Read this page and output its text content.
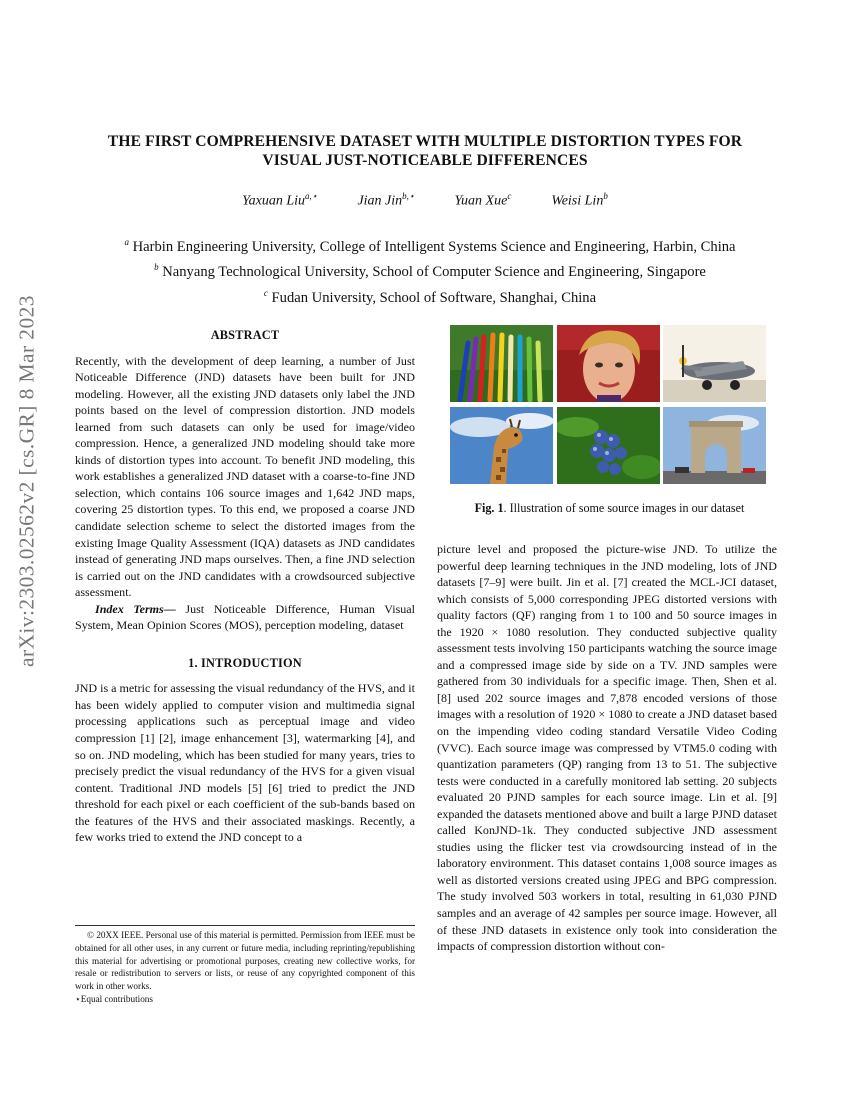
arXiv:2303.02562v2 [cs.GR] 8 Mar 2023
THE FIRST COMPREHENSIVE DATASET WITH MULTIPLE DISTORTION TYPES FOR
VISUAL JUST-NOTICEABLE DIFFERENCES
Yaxuan Liu$^{a,⋆}$	Jian Jin$^{b,⋆}$	Yuan Xue$^c$	Weisi Lin$^b$
$^a$ Harbin Engineering University, College of Intelligent Systems Science and Engineering, Harbin, China
$^b$ Nanyang Technological University, School of Computer Science and Engineering, Singapore
$^c$ Fudan University, School of Software, Shanghai, China
ABSTRACT

Recently, with the development of deep learning, a number of Just Noticeable Difference (JND) datasets have been built for JND modeling. However, all the existing JND datasets only label the JND points based on the level of compression distortion. JND models learned from such datasets can only be used for image/video compression. Hence, a generalized JND modeling should take more kinds of distortion types into account. To benefit JND modeling, this work establishes a generalized JND dataset with a coarse-to-fine JND selection, which contains 106 source images and 1,642 JND maps, covering 25 distortion types. To this end, we proposed a coarse JND candidate selection scheme to select the distorted images from the existing Image Quality Assessment (IQA) datasets as JND candidates instead of generating JND maps ourselves. Then, a fine JND selection is carried out on the JND candidates with a crowdsourced subjective assessment.

Index Terms— Just Noticeable Difference, Human Visual System, Mean Opinion Scores (MOS), perception modeling, dataset

1. INTRODUCTION

JND is a metric for assessing the visual redundancy of the HVS, and it has been widely applied to computer vision and multimedia signal processing applications such as perceptual image and video compression [1] [2], image enhancement [3], watermarking [4], and so on. JND modeling, which has been studied for many years, tries to precisely predict the visual redundancy of the HVS for a given visual content. Traditional JND models [5] [6] tried to predict the JND threshold for each pixel or each coefficient of the sub-bands based on the features of the HVS and their associated maskings. Recently, a few works tried to extend the JND concept to a

© 20XX IEEE. Personal use of this material is permitted. Permission from IEEE must be obtained for all other uses, in any current or future media, including reprinting/republishing this material for advertising or promotional purposes, creating new collective works, for resale or redistribution to servers or lists, or reuse of any copyrighted component of this work in other works.
⋆Equal contributions
Fig. 1. Illustration of some source images in our dataset

picture level and proposed the picture-wise JND. To utilize the powerful deep learning techniques in the JND modeling, lots of JND datasets [7–9] were built. Jin et al. [7] created the MCL-JCI dataset, which consists of 5,000 corresponding JPEG distorted versions with quality factors (QF) ranging from 1 to 100 and 50 source images in the 1920 × 1080 resolution. They conducted subjective quality assessment tests involving 150 participants watching the source image and a compressed image side by side on a TV. JND samples were gathered from 30 individuals for a specific image. Then, Shen et al. [8] used 202 source images and 7,878 encoded versions of those images with a resolution of 1920 × 1080 to create a JND dataset based on the impending video coding standard Versatile Video Coding (VVC). Each source image was compressed by VTM5.0 coding with quantization parameters (QP) ranging from 13 to 51. The subjective tests were conducted in a carefully monitored lab setting. 20 subjects evaluated 20 PJND samples for each source image. Lin et al. [9] expanded the datasets mentioned above and built a large PJND dataset called KonJND-1k. They conducted subjective JND assessment studies using the flicker test via crowdsourcing instead of in the laboratory environment. This dataset contains 1,008 source images as well as distorted versions created using JPEG and BPG compression. The study involved 503 workers in total, resulting in 61,030 PJND samples and an average of 42 samples per source image. However, all of these JND datasets in existence only took into consideration the impacts of compression distortion without con-
